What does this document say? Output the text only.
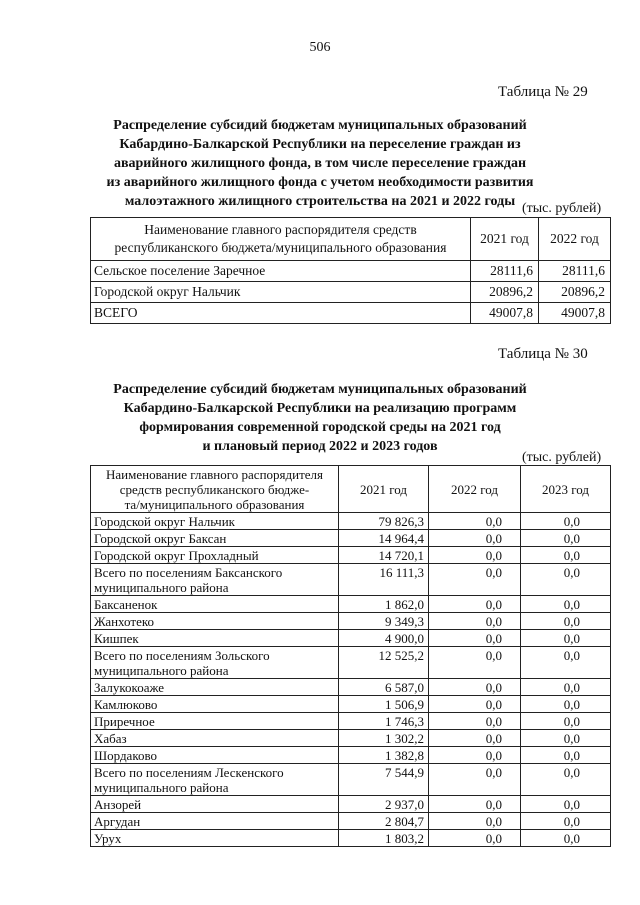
506
Таблица № 29
Распределение субсидий бюджетам муниципальных образований
Кабардино-Балкарской Республики на переселение граждан из
аварийного жилищного фонда, в том числе переселение граждан
из аварийного жилищного фонда с учетом необходимости развития
малоэтажного жилищного строительства на 2021 и 2022 годы (тыс. рублей)
Наименование главного распорядителя средств
республиканского бюджета/муниципального образования	2021 год	2022 год
Сельское поселение Заречное	28111,6	28111,6
Городской округ Нальчик	20896,2	20896,2
ВСЕГО	49007,8	49007,8
Таблица № 30
Распределение субсидий бюджетам муниципальных образований
Кабардино-Балкарской Республики на реализацию программ
формирования современной городской среды на 2021 год
и плановый период 2022 и 2023 годов
(тыс. рублей)
Наименование главного распорядителя
средств республиканского бюдже-
та/муниципального образования	2021 год	2022 год	2023 год

Городской округ Нальчик	79 826,3	0,0	0,0

Городской округ Баксан	14 964,4	0,0	0,0

Городской округ Прохладный	14 720,1	0,0	0,0

Всего по поселениям Баксанского
муниципального района	16 111,3	0,0	0,0

Баксаненок	1 862,0	0,0	0,0

Жанхотеко	9 349,3	0,0	0,0

Кишпек	4 900,0	0,0	0,0

Всего по поселениям Зольского
муниципального района	12 525,2	0,0	0,0

Залукокоаже	6 587,0	0,0	0,0

Камлюково	1 506,9	0,0	0,0

Приречное	1 746,3	0,0	0,0

Хабаз	1 302,2	0,0	0,0

Шордаково	1 382,8	0,0	0,0

Всего по поселениям Лескенского
муниципального района	7 544,9	0,0	0,0

Анзорей	2 937,0	0,0	0,0

Аргудан	2 804,7	0,0	0,0

Урух	1 803,2	0,0	0,0
